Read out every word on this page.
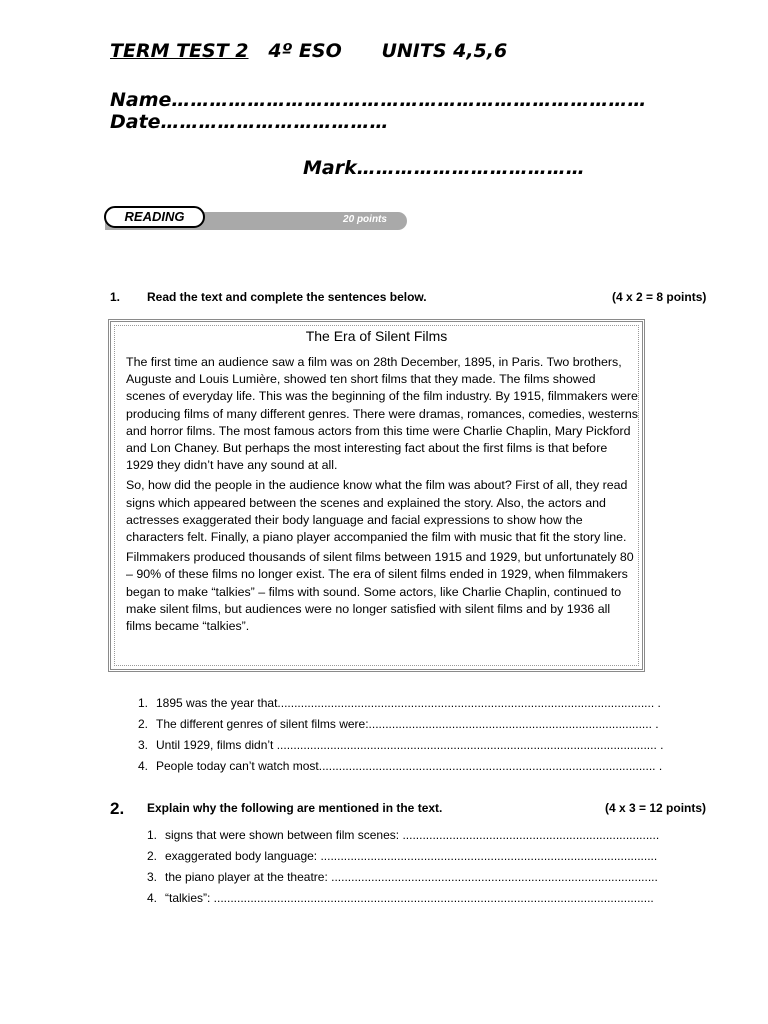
TERM TEST 2 4º ESO UNITS 4,5,6
Name…………………………………………………………………
Date………………………………
Mark………………………………
READING	20 points
1. Read the text and complete the sentences below.	(4 x 2 = 8 points)
The Era of Silent Films

The first time an audience saw a film was on 28th December, 1895, in Paris. Two brothers, Auguste and Louis Lumière, showed ten short films that they made. The films showed scenes of everyday life. This was the beginning of the film industry. By 1915, filmmakers were producing films of many different genres. There were dramas, romances, comedies, westerns and horror films. The most famous actors from this time were Charlie Chaplin, Mary Pickford and Lon Chaney. But perhaps the most interesting fact about the first films is that before 1929 they didn’t have any sound at all.

So, how did the people in the audience know what the film was about? First of all, they read signs which appeared between the scenes and explained the story. Also, the actors and actresses exaggerated their body language and facial expressions to show how the characters felt. Finally, a piano player accompanied the film with music that fit the story line.

Filmmakers produced thousands of silent films between 1915 and 1929, but unfortunately 80 – 90% of these films no longer exist. The era of silent films ended in 1929, when filmmakers began to make “talkies” – films with sound. Some actors, like Charlie Chaplin, continued to make silent films, but audiences were no longer satisfied with silent films and by 1936 all films became “talkies”.

1. 1895 was the year that................................................................................................................. .
2. The different genres of silent films were:..................................................................................... .
3. Until 1929, films didn’t .................................................................................................................. .
4. People today can’t watch most..................................................................................................... .
2. Explain why the following are mentioned in the text.	(4 x 3 = 12 points)
1. signs that were shown between film scenes: .............................................................................
2. exaggerated body language: .....................................................................................................
3. the piano player at the theatre: ..................................................................................................
4. “talkies”: ....................................................................................................................................
